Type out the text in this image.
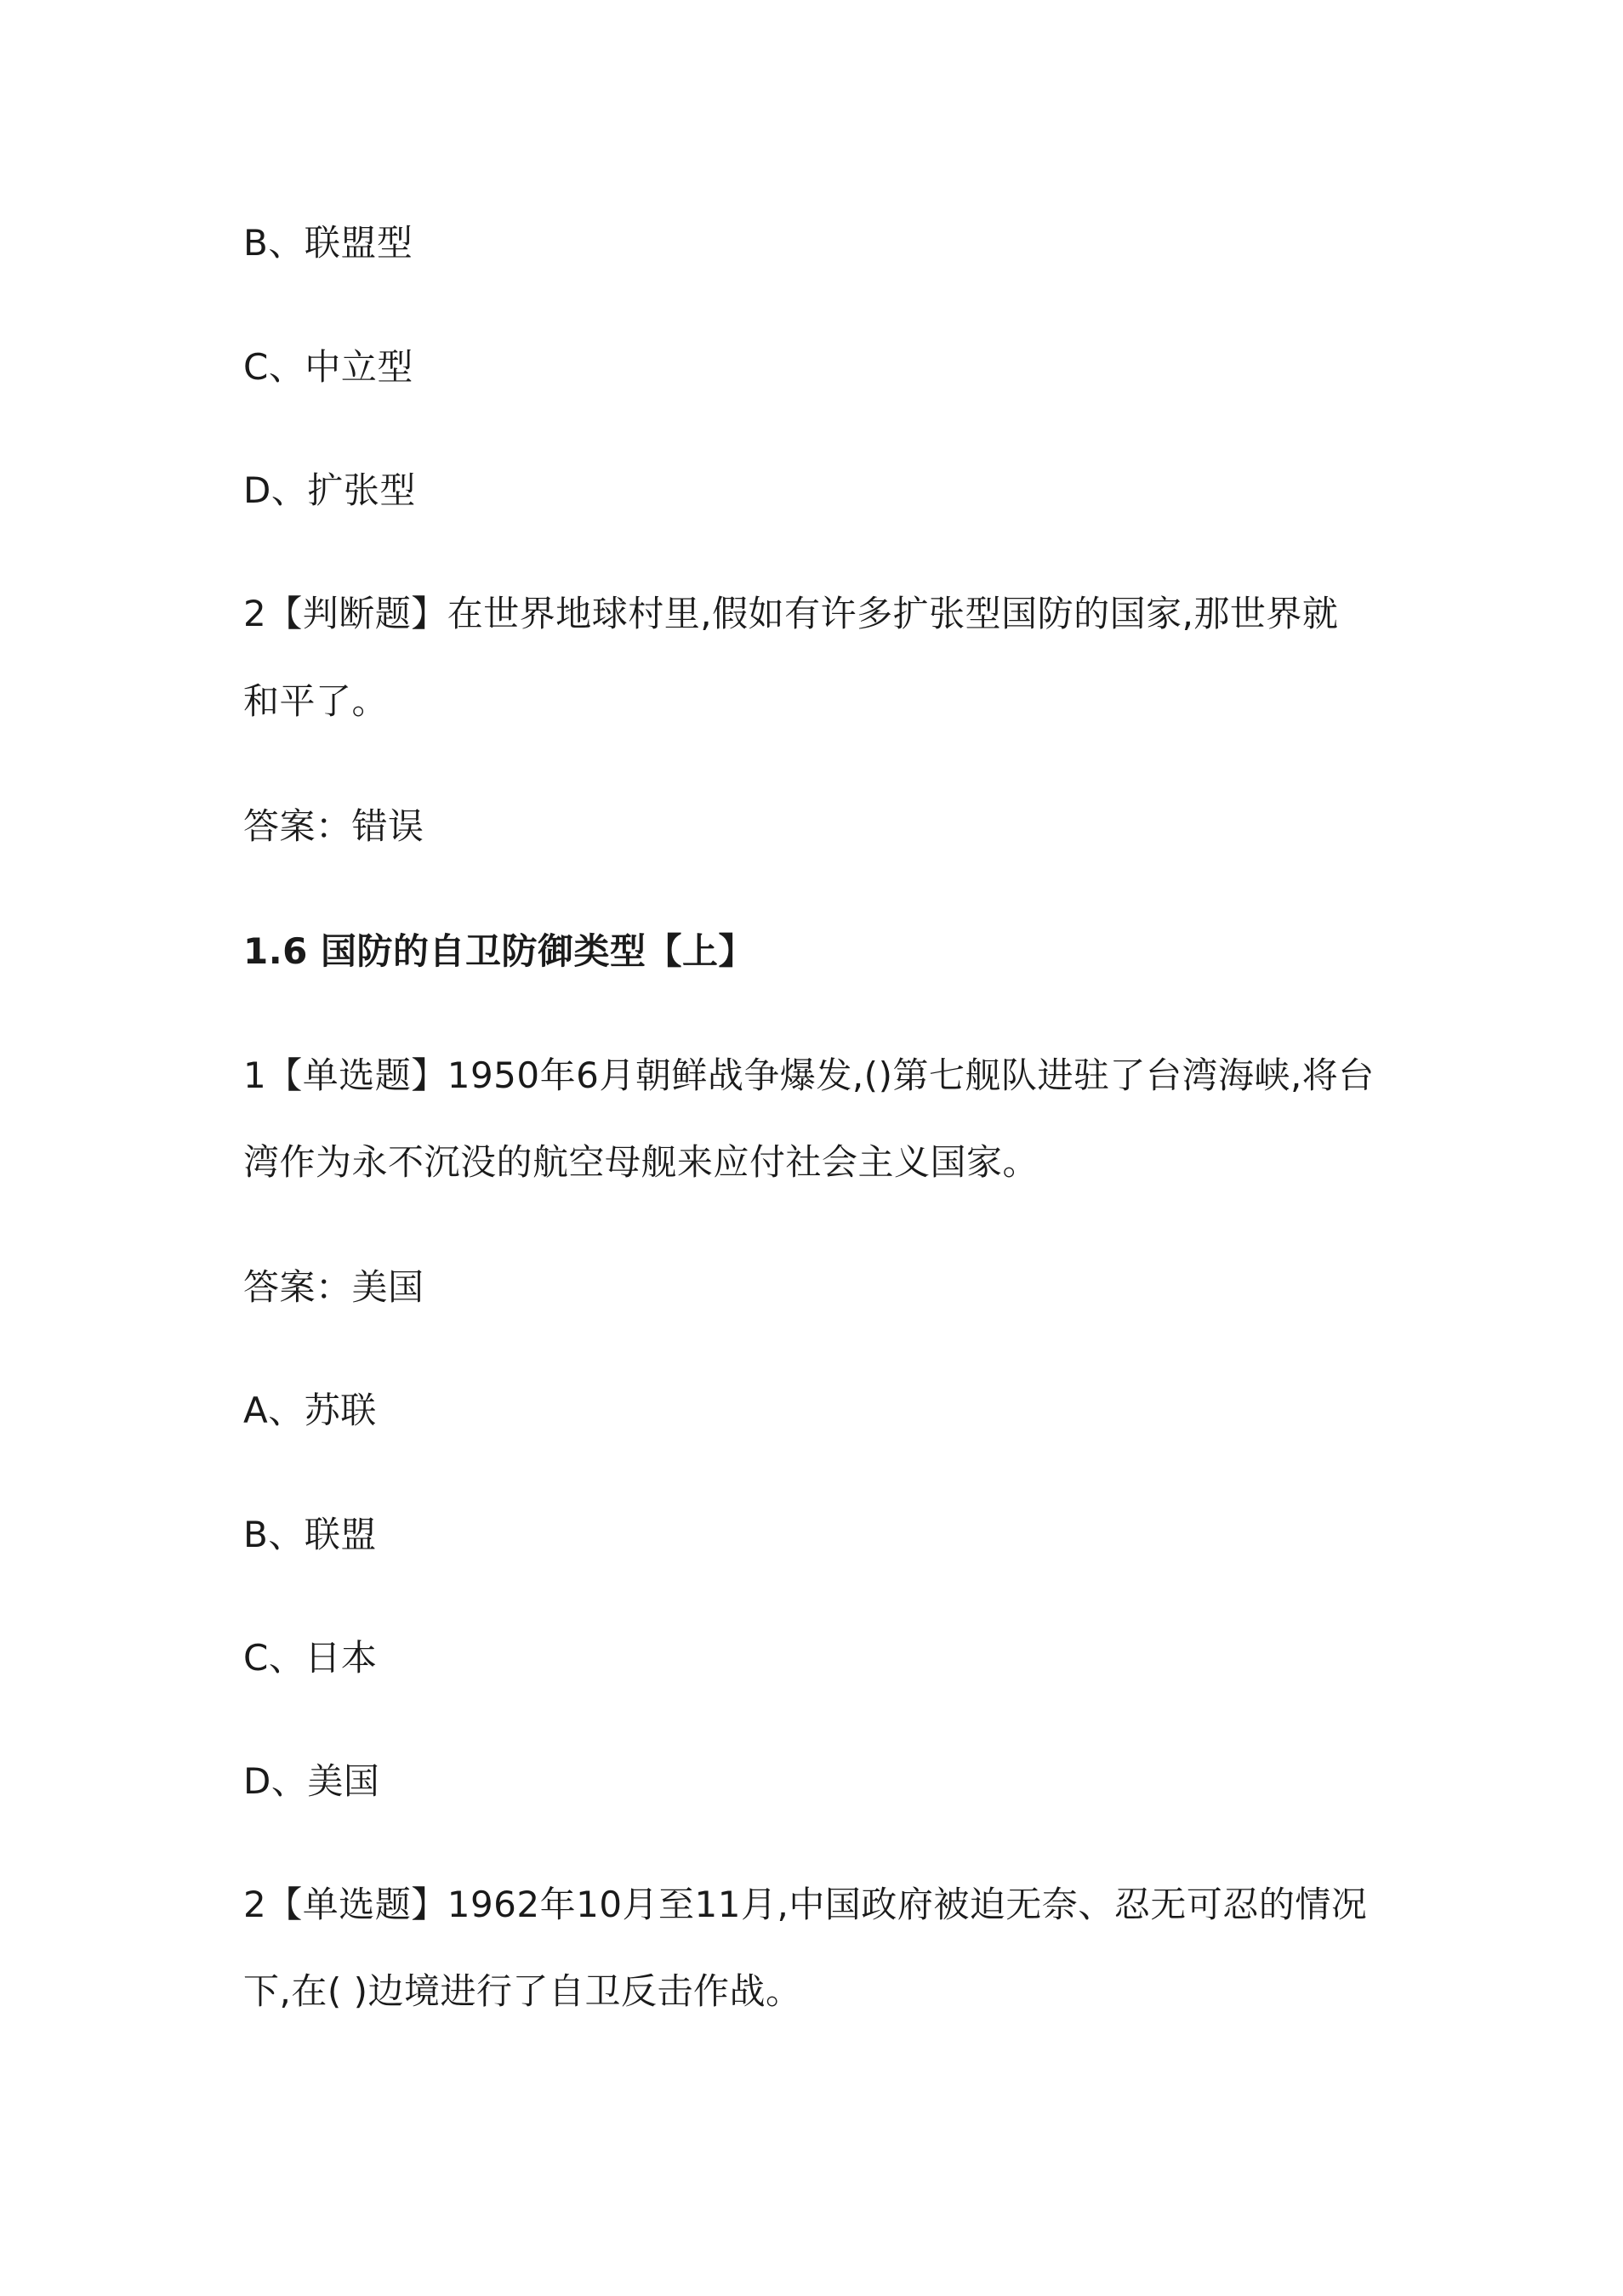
B、联盟型
C、中立型
D、扩张型
2【判断题】在世界地球村里,假如有许多扩张型国防的国家,那世界就
和平了。
答案：错误
1.6 国防的自卫防御类型【上】
1【单选题】1950年6月朝鲜战争爆发,()第七舰队进驻了台湾海峡,将台
湾作为永不沉没的航空母舰来应付社会主义国家。
答案：美国
A、苏联
B、联盟
C、日本
D、美国
2【单选题】1962年10月至11月,中国政府被迫无奈、忍无可忍的情况
下,在( )边境进行了自卫反击作战。
